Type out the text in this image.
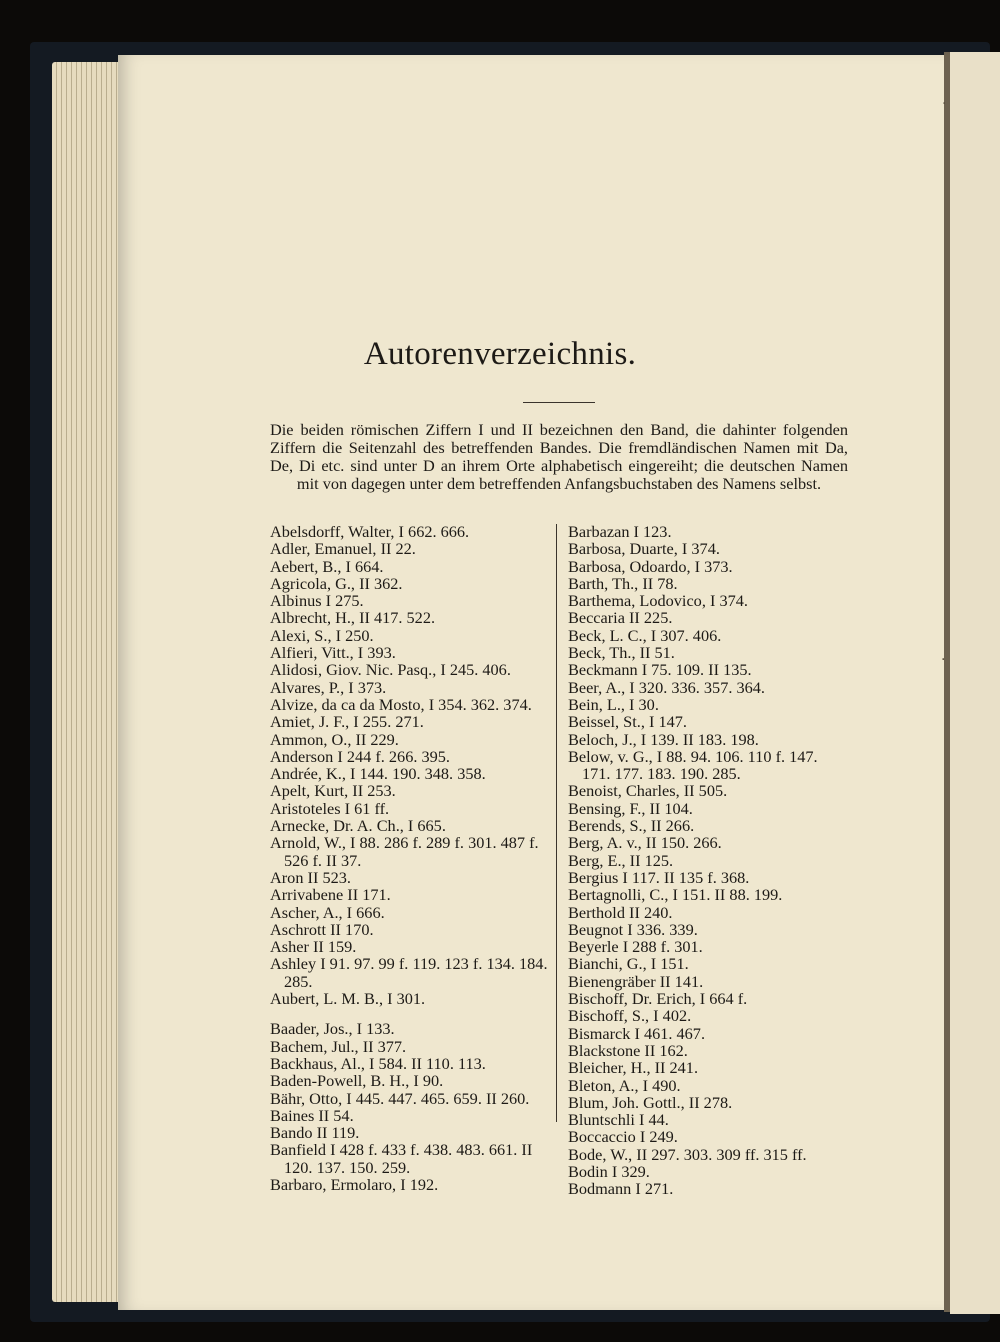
·
·
Autorenverzeichnis.

Die beiden römischen Ziffern I und II bezeichnen den Band, die dahinter folgenden Ziffern die Seitenzahl des betreffenden Bandes. Die fremdländischen Namen mit Da, De, Di etc. sind unter D an ihrem Orte alphabetisch eingereiht; die deutschen Namen mit von dagegen unter dem betreffenden Anfangsbuchstaben des Namens selbst.

Abelsdorff, Walter, I 662. 666.
Adler, Emanuel, II 22.
Aebert, B., I 664.
Agricola, G., II 362.
Albinus I 275.
Albrecht, H., II 417. 522.
Alexi, S., I 250.
Alfieri, Vitt., I 393.
Alidosi, Giov. Nic. Pasq., I 245. 406.
Alvares, P., I 373.
Alvize, da ca da Mosto, I 354. 362. 374.
Amiet, J. F., I 255. 271.
Ammon, O., II 229.
Anderson I 244 f. 266. 395.
Andrée, K., I 144. 190. 348. 358.
Apelt, Kurt, II 253.
Aristoteles I 61 ff.
Arnecke, Dr. A. Ch., I 665.
Arnold, W., I 88. 286 f. 289 f. 301. 487 f. 526 f. II 37.
Aron II 523.
Arrivabene II 171.
Ascher, A., I 666.
Aschrott II 170.
Asher II 159.
Ashley I 91. 97. 99 f. 119. 123 f. 134. 184. 285.
Aubert, L. M. B., I 301.
Baader, Jos., I 133.
Bachem, Jul., II 377.
Backhaus, Al., I 584. II 110. 113.
Baden-Powell, B. H., I 90.
Bähr, Otto, I 445. 447. 465. 659. II 260.
Baines II 54.
Bando II 119.
Banfield I 428 f. 433 f. 438. 483. 661. II 120. 137. 150. 259.
Barbaro, Ermolaro, I 192.
Barbazan I 123.
Barbosa, Duarte, I 374.
Barbosa, Odoardo, I 373.
Barth, Th., II 78.
Barthema, Lodovico, I 374.
Beccaria II 225.
Beck, L. C., I 307. 406.
Beck, Th., II 51.
Beckmann I 75. 109. II 135.
Beer, A., I 320. 336. 357. 364.
Bein, L., I 30.
Beissel, St., I 147.
Beloch, J., I 139. II 183. 198.
Below, v. G., I 88. 94. 106. 110 f. 147. 171. 177. 183. 190. 285.
Benoist, Charles, II 505.
Bensing, F., II 104.
Berends, S., II 266.
Berg, A. v., II 150. 266.
Berg, E., II 125.
Bergius I 117. II 135 f. 368.
Bertagnolli, C., I 151. II 88. 199.
Berthold II 240.
Beugnot I 336. 339.
Beyerle I 288 f. 301.
Bianchi, G., I 151.
Bienengräber II 141.
Bischoff, Dr. Erich, I 664 f.
Bischoff, S., I 402.
Bismarck I 461. 467.
Blackstone II 162.
Bleicher, H., II 241.
Bleton, A., I 490.
Blum, Joh. Gottl., II 278.
Bluntschli I 44.
Boccaccio I 249.
Bode, W., II 297. 303. 309 ff. 315 ff.
Bodin I 329.
Bodmann I 271.
